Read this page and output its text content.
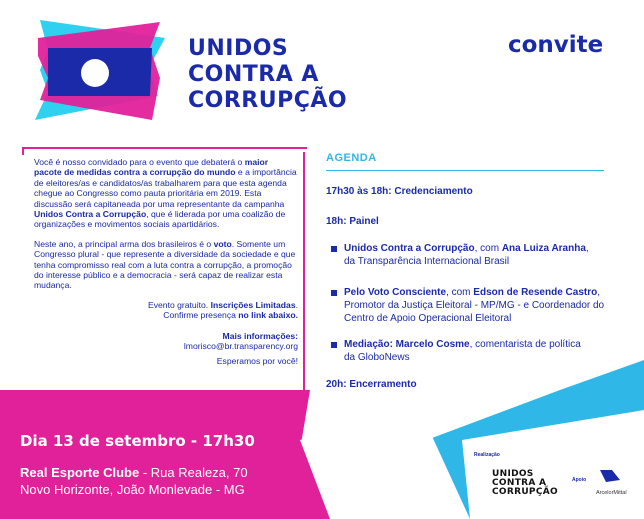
UNIDOS
CONTRA A
CORRUPÇÃO
convite

Você é nosso convidado para o evento que debaterá o maior pacote de medidas contra a corrupção do mundo e a importância de eleitores/as e candidatos/as trabalharem para que esta agenda chegue ao Congresso como pauta prioritária em 2019. Esta discussão será capitaneada por uma representante da campanha Unidos Contra a Corrupção, que é liderada por uma coalizão de organizações e movimentos sociais apartidários.

Neste ano, a principal arma dos brasileiros é o voto. Somente um Congresso plural - que represente a diversidade da sociedade e que tenha compromisso real com a luta contra a corrupção, a promoção do interesse público e a democracia - será capaz de realizar esta mudança.

Evento gratuito. Inscrições Limitadas.
Confirme presença no link abaixo.
Mais informações:
lmorisco@br.transparency.org
Esperamos por você!
AGENDA
17h30 às 18h: Credenciamento
18h: Painel
Unidos Contra a Corrupção, com Ana Luiza Aranha,
da Transparência Internacional Brasil
Pelo Voto Consciente, com Edson de Resende Castro,
Promotor da Justiça Eleitoral - MP/MG - e Coordenador do
Centro de Apoio Operacional Eleitoral
Mediação: Marcelo Cosme, comentarista de política
da GloboNews
20h: Encerramento
Dia 13 de setembro - 17h30
Real Esporte Clube - Rua Realeza, 70
Novo Horizonte, João Monlevade - MG
Realização
UNIDOS
CONTRA A
CORRUPÇÃO
Apoio
ArcelorMittal
